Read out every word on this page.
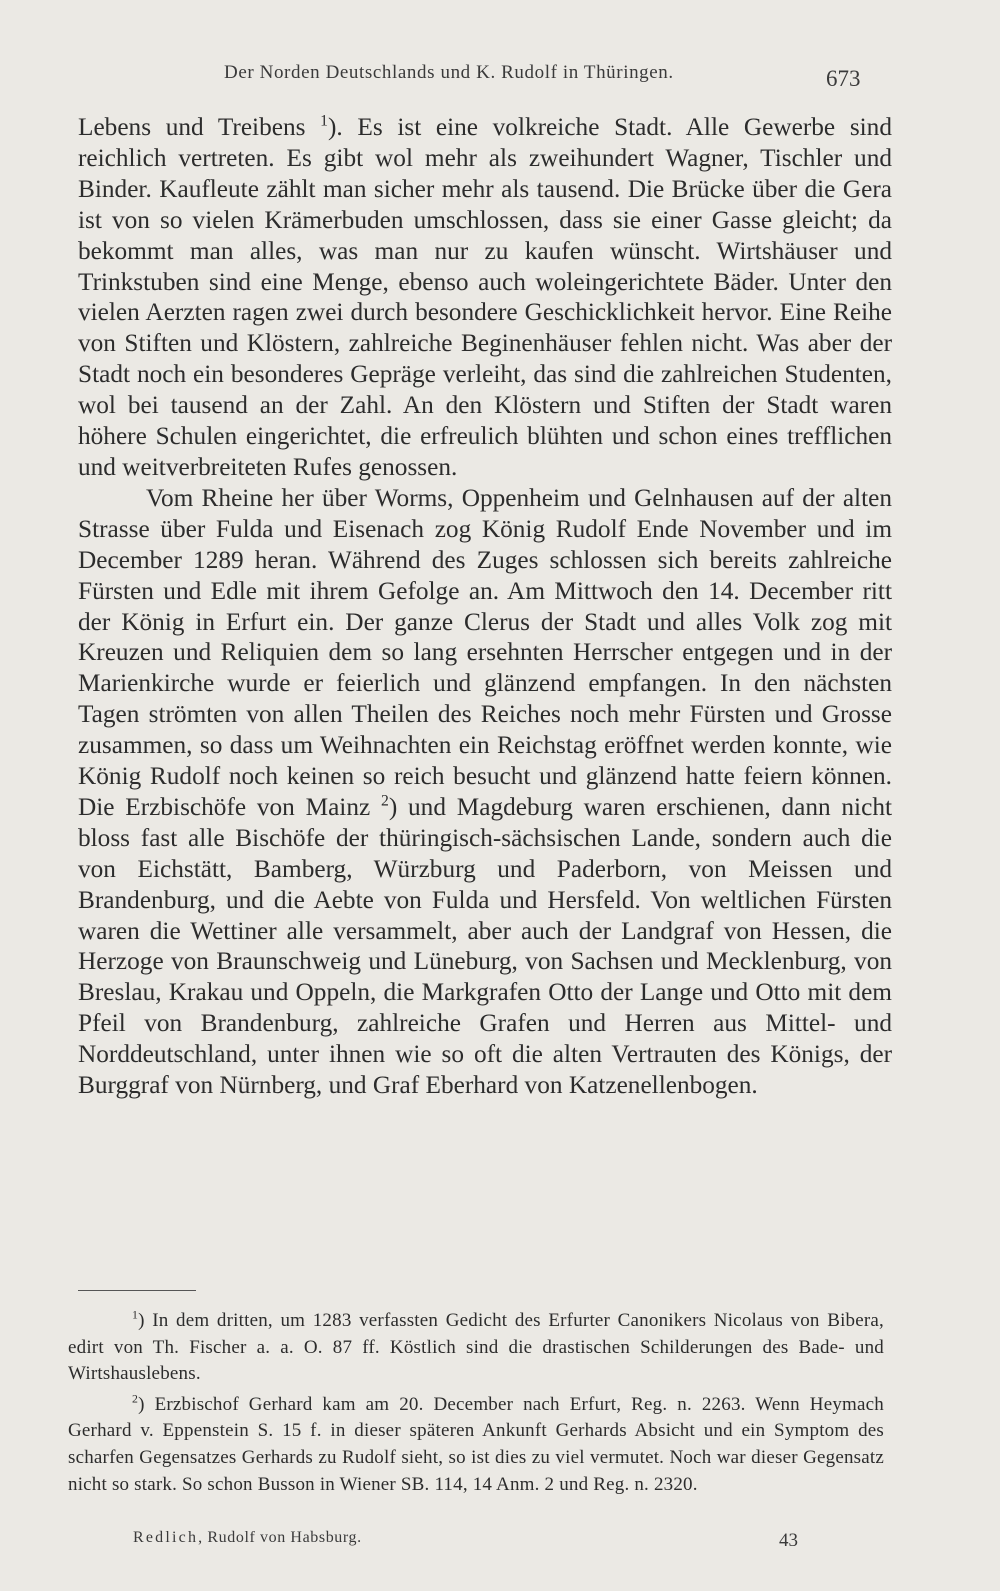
Der Norden Deutschlands und K. Rudolf in Thüringen.	673

Lebens und Treibens $^1$). Es ist eine volkreiche Stadt. Alle Gewerbe sind reichlich vertreten. Es gibt wol mehr als zweihundert Wagner, Tischler und Binder. Kaufleute zählt man sicher mehr als tausend. Die Brücke über die Gera ist von so vielen Krämerbuden umschlossen, dass sie einer Gasse gleicht; da bekommt man alles, was man nur zu kaufen wünscht. Wirtshäuser und Trinkstuben sind eine Menge, ebenso auch woleingerichtete Bäder. Unter den vielen Aerzten ragen zwei durch besondere Geschicklichkeit hervor. Eine Reihe von Stiften und Klöstern, zahlreiche Beginenhäuser fehlen nicht. Was aber der Stadt noch ein besonderes Gepräge verleiht, das sind die zahlreichen Studenten, wol bei tausend an der Zahl. An den Klöstern und Stiften der Stadt waren höhere Schulen eingerichtet, die erfreulich blühten und schon eines trefflichen und weitverbreiteten Rufes genossen.

Vom Rheine her über Worms, Oppenheim und Gelnhausen auf der alten Strasse über Fulda und Eisenach zog König Rudolf Ende November und im December 1289 heran. Während des Zuges schlossen sich bereits zahlreiche Fürsten und Edle mit ihrem Gefolge an. Am Mittwoch den 14. December ritt der König in Erfurt ein. Der ganze Clerus der Stadt und alles Volk zog mit Kreuzen und Reliquien dem so lang ersehnten Herrscher entgegen und in der Marienkirche wurde er feierlich und glänzend empfangen. In den nächsten Tagen strömten von allen Theilen des Reiches noch mehr Fürsten und Grosse zusammen, so dass um Weihnachten ein Reichstag eröffnet werden konnte, wie König Rudolf noch keinen so reich besucht und glänzend hatte feiern können. Die Erzbischöfe von Mainz $^2$) und Magdeburg waren erschienen, dann nicht bloss fast alle Bischöfe der thüringisch-sächsischen Lande, sondern auch die von Eichstätt, Bamberg, Würzburg und Paderborn, von Meissen und Brandenburg, und die Aebte von Fulda und Hersfeld. Von weltlichen Fürsten waren die Wettiner alle versammelt, aber auch der Landgraf von Hessen, die Herzoge von Braunschweig und Lüneburg, von Sachsen und Mecklenburg, von Breslau, Krakau und Oppeln, die Markgrafen Otto der Lange und Otto mit dem Pfeil von Brandenburg, zahlreiche Grafen und Herren aus Mittel- und Norddeutschland, unter ihnen wie so oft die alten Vertrauten des Königs, der Burggraf von Nürnberg, und Graf Eberhard von Katzenellenbogen.

$^1$) In dem dritten, um 1283 verfassten Gedicht des Erfurter Canonikers Nicolaus von Bibera, edirt von Th. Fischer a. a. O. 87 ff. Köstlich sind die drastischen Schilderungen des Bade- und Wirtshauslebens.

$^2$) Erzbischof Gerhard kam am 20. December nach Erfurt, Reg. n. 2263. Wenn Heymach Gerhard v. Eppenstein S. 15 f. in dieser späteren Ankunft Gerhards Absicht und ein Symptom des scharfen Gegensatzes Gerhards zu Rudolf sieht, so ist dies zu viel vermutet. Noch war dieser Gegensatz nicht so stark. So schon Busson in Wiener SB. 114, 14 Anm. 2 und Reg. n. 2320.

Redlich, Rudolf von Habsburg.	43
